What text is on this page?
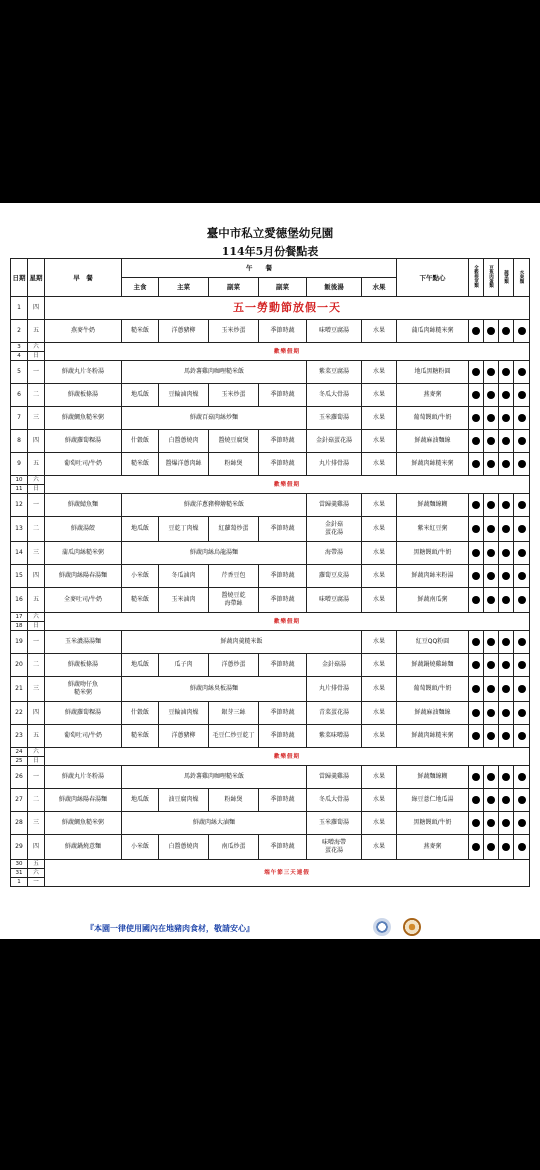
臺中市私立愛德堡幼兒園
114年5月份餐點表
日期	星期	早　餐	午　　餐						下午點心	全穀根莖類	豆魚肉蛋類	蔬菜類	水果類
			主食	主菜	副菜	副菜	飯後湯	水果					
1	四	五一勞動節放假一天											
2	五	燕麥牛奶	糙米飯	洋蔥豬柳	玉米炒蛋	季節時蔬	味噌豆腐湯	水果	蒲瓜肉絲糙米粥				
3	六	歡樂假期											
4	日												
5	一	鮮蔬丸片冬粉湯	馬鈴薯雞肉咖哩糙米飯				紫菜豆腐湯	水果	地瓜黑糖粉圓				
6	二	鮮蔬板條湯	地瓜飯	豆輪滷肉燥	玉米炒蛋	季節時蔬	冬瓜大骨湯	水果	燕麥粥				
7	三	鮮蔬鯛魚糙米粥	鮮蔬百菇肉絲炒麵				玉米蘿蔔湯	水果	葡萄饅頭/牛奶				
8	四	鮮蔬蘿蔔粿湯	什穀飯	白醬蔥燒肉	醬燒豆腐煲	季節時蔬	金針菇蛋花湯	水果	鮮蔬麻油麵線				
9	五	葡萄吐司/牛奶	糙米飯	醬爆洋蔥肉絲	粉絲煲	季節時蔬	丸片排骨湯	水果	鮮蔬肉絲糙米粥				
10	六	歡樂假期											
11	日												
12	一	鮮蔬鯖魚麵	鮮蔬洋蔥豬柳燴糙米飯				當歸羹雞湯	水果	鮮蔬麵線糊				
13	二	鮮蔬湯餃	地瓜飯	豆乾丁肉燥	紅蘿蔔炒蛋	季節時蔬	金針菇
蛋花湯	水果	紫米紅豆粥				
14	三	蒲瓜肉絲糙米粥	鮮蔬肉絲烏龍湯麵				海帶湯	水果	黑糖饅頭/牛奶				
15	四	鮮蔬肉絲陽春湯麵	小米飯	冬瓜滷肉	芹香豆包	季節時蔬	蘿蔔豆皮湯	水果	鮮蔬肉絲米粉湯				
16	五	全麥吐司/牛奶	糙米飯	玉米滷肉	醬燒豆乾
海帶絲	季節時蔬	味噌豆腐湯	水果	鮮蔬南瓜粥				
17	六	歡樂假期											
18	日												
19	一	玉米濃湯湯麵	鮮蔬肉羹糙米飯					水果	紅豆QQ粉圓				
20	二	鮮蔬板條湯	地瓜飯	瓜子肉	洋蔥炒蛋	季節時蔬	金針菇湯	水果	鮮蔬鍋燒雞絲麵				
21	三	鮮蔬吻仔魚
糙米粥	鮮蔬肉絲臭板湯麵				丸片排骨湯	水果	葡萄饅頭/牛奶				
22	四	鮮蔬蘿蔔粿湯	什穀飯	豆輪滷肉燥	銀芽三絲	季節時蔬	青菜蛋花湯	水果	鮮蔬麻油麵線				
23	五	葡萄吐司/牛奶	糙米飯	洋蔥豬柳	毛豆仁炒豆乾丁	季節時蔬	紫菜味噌湯	水果	鮮蔬肉絲糙米粥				
24	六	歡樂假期											
25	日												
26	一	鮮蔬丸片冬粉湯	馬鈴薯雞肉咖哩糙米飯				當歸羹雞湯	水果	鮮蔬麵線糊				
27	二	鮮蔬肉絲陽春湯麵	地瓜飯	油豆腐肉燥	粉絲煲	季節時蔬	冬瓜大骨湯	水果	綠豆薏仁地瓜湯				
28	三	鮮蔬鯛魚糙米粥	鮮蔬肉絲大滷麵				玉米蘿蔔湯	水果	黑糖饅頭/牛奶				
29	四	鮮蔬鍋燒意麵	小米飯	白醬蔥燒肉	南瓜炒蛋	季節時蔬	味噌海帶
蛋花湯	水果	燕麥粥				
30	五	端午節三天連假											
31	六												
1	一												
『本園一律使用國內在地豬肉食材，敬請安心』
